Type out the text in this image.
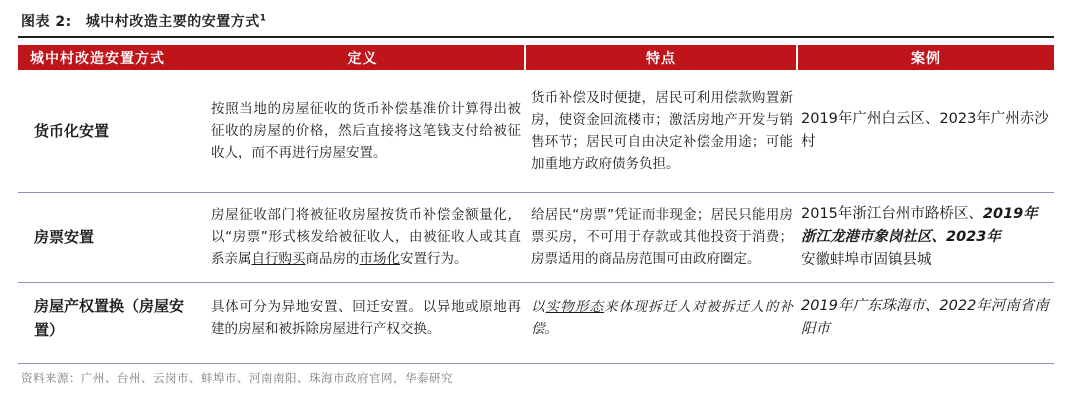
图表 2: 城中村改造主要的安置方式$^1$
城中村改造安置方式	定义	特点	案例
货币化安置	按照当地的房屋征收的货币补偿基准价计算得出被征收的房屋的价格，然后直接将这笔钱支付给被征收人，而不再进行房屋安置。	货币补偿及时便捷，居民可利用偿款购置新房，使资金回流楼市；激活房地产开发与销售环节；居民可自由决定补偿金用途；可能加重地方政府债务负担。	2019年广州白云区、2023年广州赤沙村
房票安置	房屋征收部门将被征收房屋按货币补偿金额量化，以“房票”形式核发给被征收人，由被征收人或其直系亲属自行购买商品房的市场化安置行为。	给居民“房票”凭证而非现金；居民只能用房票买房，不可用于存款或其他投资于消费；房票适用的商品房范围可由政府圈定。	2015年浙江台州市路桥区、2019年浙江龙港市象岗社区、2023年
安徽蚌埠市固镇县城
房屋产权置换（房屋安置）	具体可分为异地安置、回迁安置。以异地或原地再建的房屋和被拆除房屋进行产权交换。	以实物形态来体现拆迁人对被拆迁人的补偿。	2019年广东珠海市、2022年河南省南阳市
资料来源：广州、台州、云岗市、蚌埠市、河南南阳、珠海市政府官网，华泰研究
